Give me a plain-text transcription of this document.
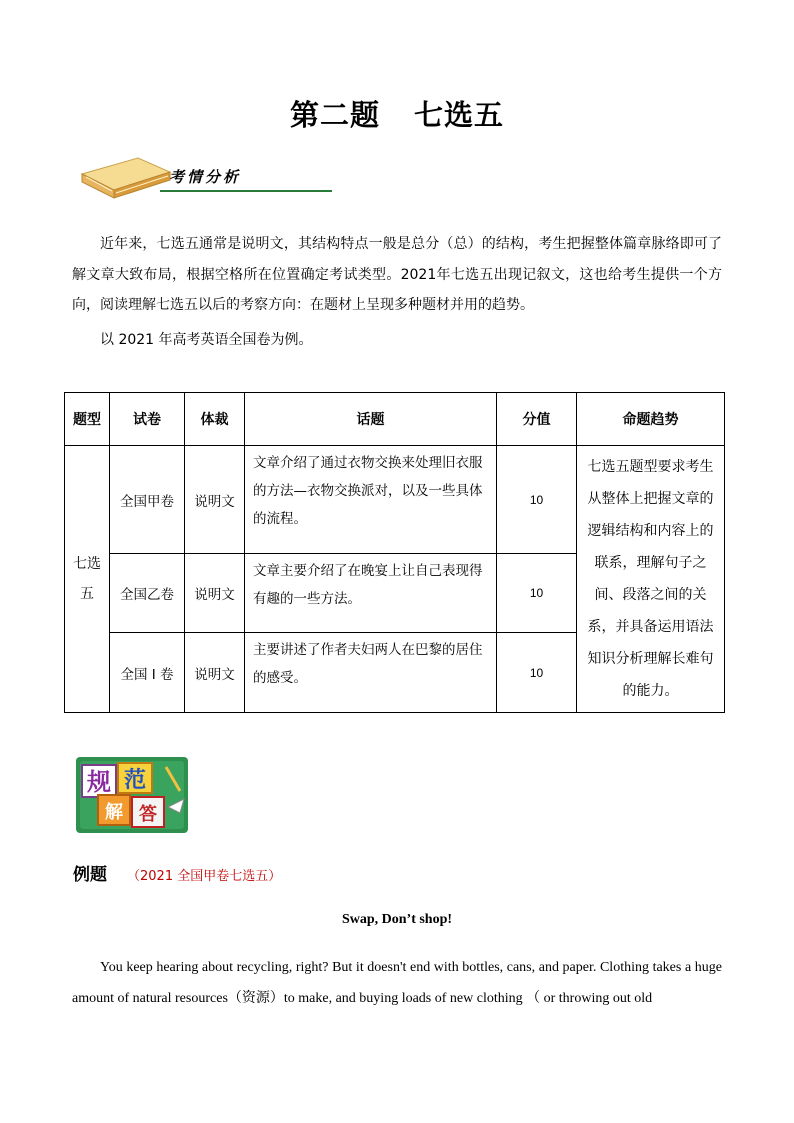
第二题 七选五
考情分析
近年来，七选五通常是说明文，其结构特点一般是总分（总）的结构，考生把握整体篇章脉络即可了解文章大致布局，根据空格所在位置确定考试类型。2021年七选五出现记叙文，这也给考生提供一个方向，阅读理解七选五以后的考察方向：在题材上呈现多种题材并用的趋势。
以 2021 年高考英语全国卷为例。
题型	试卷	体裁	话题	分值	命题趋势

七选五	全国甲卷	说明文	文章介绍了通过衣物交换来处理旧衣服的方法—衣物交换派对，以及一些具体的流程。	10	七选五题型要求考生从整体上把握文章的逻辑结构和内容上的联系，理解句子之间、段落之间的关系，并具备运用语法知识分析理解长难句的能力。
	全国乙卷	说明文	文章主要介绍了在晚宴上让自己表现得有趣的一些方法。	10	
	全国 I 卷	说明文	主要讲述了作者夫妇两人在巴黎的居住的感受。	10	
规 范
解 答
例题 （2021 全国甲卷七选五）
Swap, Don’t shop!
You keep hearing about recycling, right? But it doesn't end with bottles, cans, and paper. Clothing takes a huge amount of natural resources（资源）to make, and buying loads of new clothing （ or throwing out old
